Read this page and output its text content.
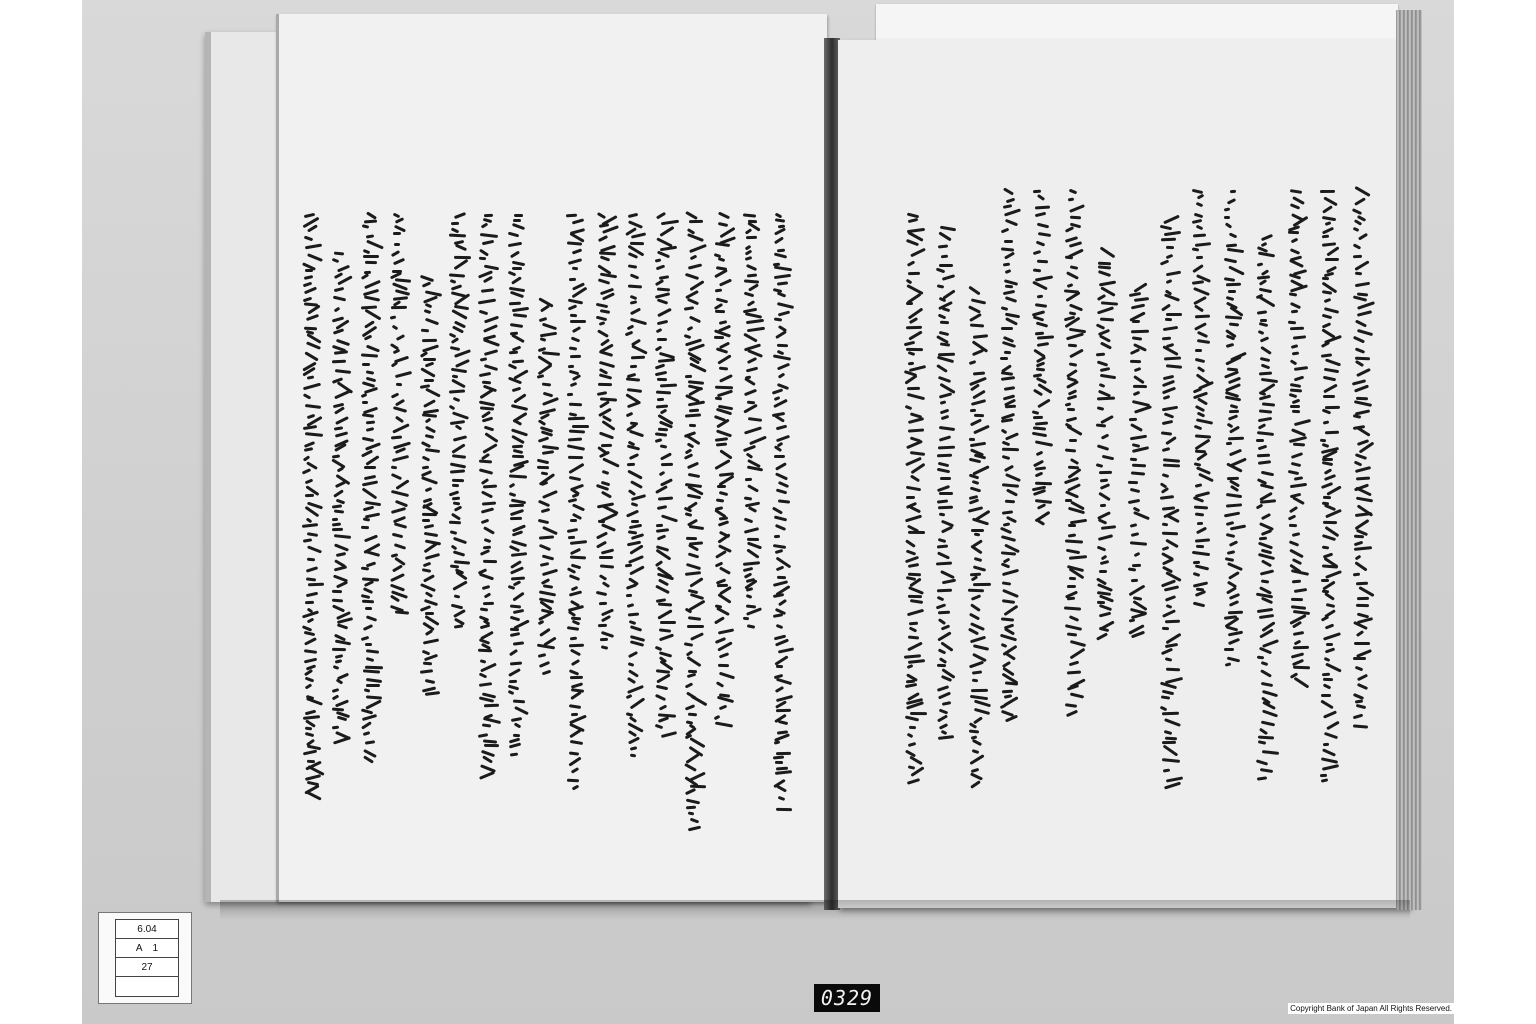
6.04
A 1
27
0329	Copyright Bank of Japan All Rights Reserved.
